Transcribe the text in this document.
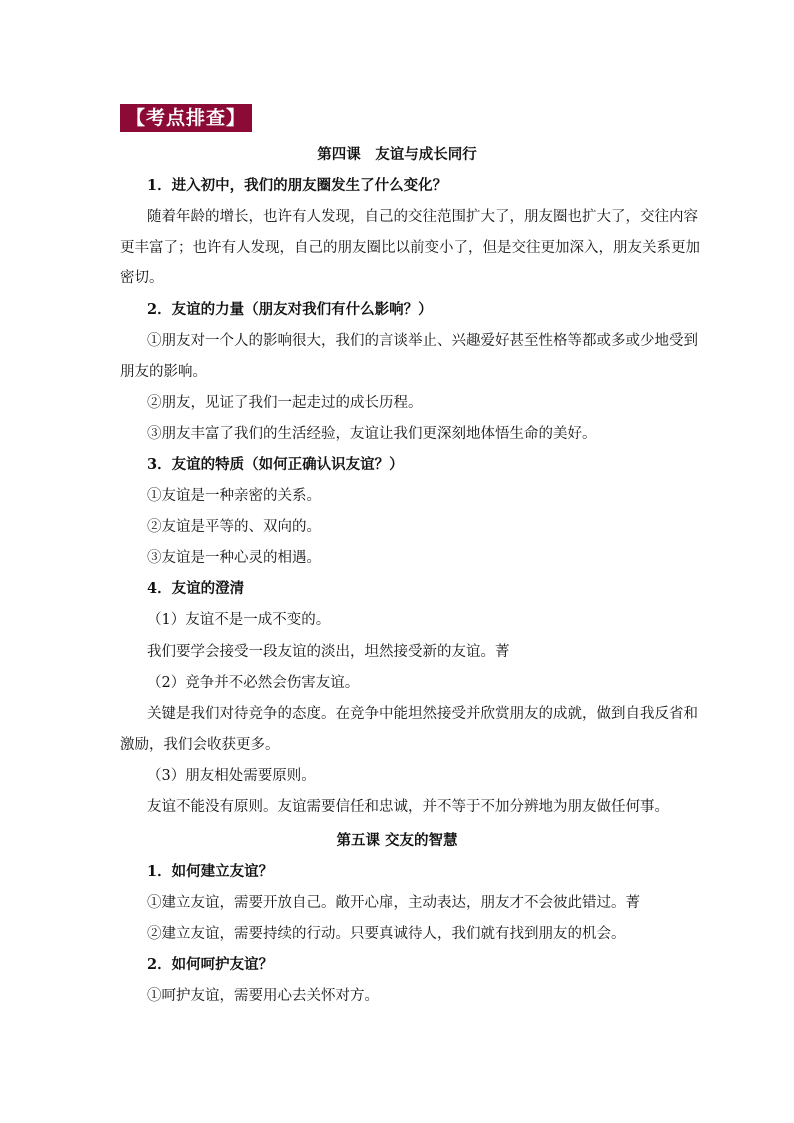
【考点排查】
第四课　友谊与成长同行
1．进入初中，我们的朋友圈发生了什么变化？
随着年龄的增长，也许有人发现，自己的交往范围扩大了，朋友圈也扩大了，交往内容
更丰富了；也许有人发现，自己的朋友圈比以前变小了，但是交往更加深入，朋友关系更加
密切。
2．友谊的力量（朋友对我们有什么影响？）
①朋友对一个人的影响很大，我们的言谈举止、兴趣爱好甚至性格等都或多或少地受到
朋友的影响。
②朋友，见证了我们一起走过的成长历程。
③朋友丰富了我们的生活经验，友谊让我们更深刻地体悟生命的美好。
3．友谊的特质（如何正确认识友谊？）
①友谊是一种亲密的关系。
②友谊是平等的、双向的。
③友谊是一种心灵的相遇。
4．友谊的澄清
（1）友谊不是一成不变的。
我们要学会接受一段友谊的淡出，坦然接受新的友谊。菁
（2）竞争并不必然会伤害友谊。
关键是我们对待竞争的态度。在竞争中能坦然接受并欣赏朋友的成就，做到自我反省和
激励，我们会收获更多。
（3）朋友相处需要原则。
友谊不能没有原则。友谊需要信任和忠诚，并不等于不加分辨地为朋友做任何事。
第五课 交友的智慧
1．如何建立友谊？
①建立友谊，需要开放自己。敞开心扉，主动表达，朋友才不会彼此错过。菁
②建立友谊，需要持续的行动。只要真诚待人，我们就有找到朋友的机会。
2．如何呵护友谊？
①呵护友谊，需要用心去关怀对方。
